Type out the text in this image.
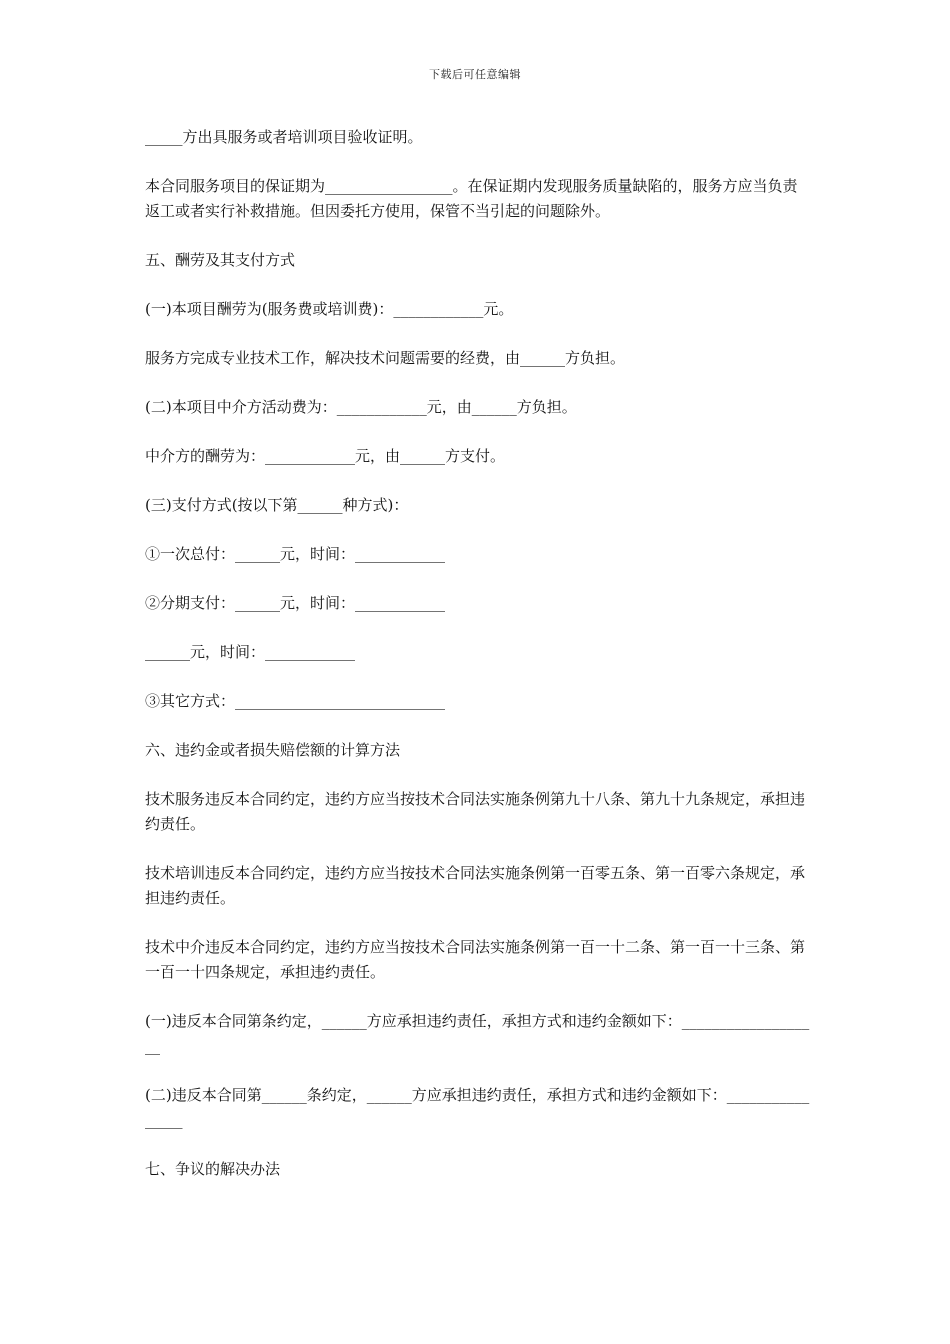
下载后可任意编辑

_____方出具服务或者培训项目验收证明。

本合同服务项目的保证期为_________________。在保证期内发现服务质量缺陷的，服务方应当负责返工或者实行补救措施。但因委托方使用，保管不当引起的问题除外。

五、酬劳及其支付方式

(一)本项目酬劳为(服务费或培训费)：____________元。

服务方完成专业技术工作，解决技术问题需要的经费，由______方负担。

(二)本项目中介方活动费为：____________元，由______方负担。

中介方的酬劳为：____________元，由______方支付。

(三)支付方式(按以下第______种方式)：

①一次总付：______元，时间：____________

②分期支付：______元，时间：____________

______元，时间：____________

③其它方式：____________________________

六、违约金或者损失赔偿额的计算方法

技术服务违反本合同约定，违约方应当按技术合同法实施条例第九十八条、第九十九条规定，承担违约责任。

技术培训违反本合同约定，违约方应当按技术合同法实施条例第一百零五条、第一百零六条规定，承担违约责任。

技术中介违反本合同约定，违约方应当按技术合同法实施条例第一百一十二条、第一百一十三条、第一百一十四条规定，承担违约责任。

(一)违反本合同第条约定，______方应承担违约责任，承担方式和违约金额如下：___________________

(二)违反本合同第______条约定，______方应承担违约责任，承担方式和违约金额如下：________________

七、争议的解决办法
